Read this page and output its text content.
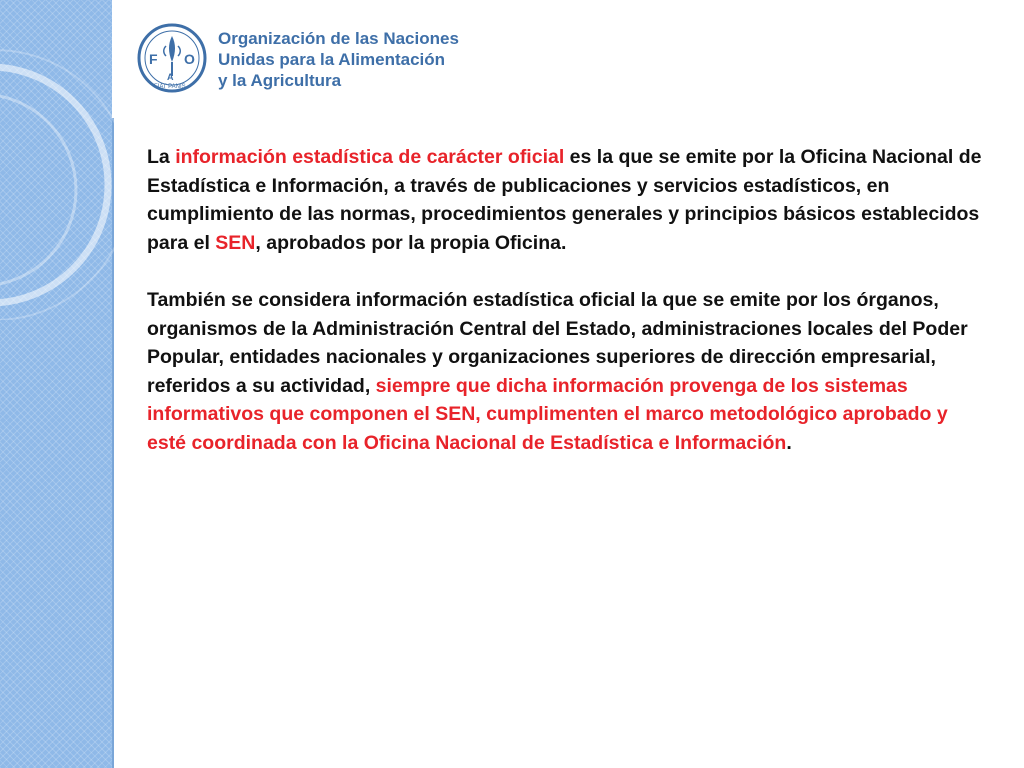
F
A
O
FIAT PANIS
Organización de las Naciones
Unidas para la Alimentación
y la Agricultura

La información estadística de carácter oficial es la que se emite por la Oficina Nacional de Estadística e Información, a través de publicaciones y servicios estadísticos, en cumplimiento de las normas, procedimientos generales y principios básicos establecidos para el SEN, aprobados por la propia Oficina.

También se considera información estadística oficial la que se emite por los órganos, organismos de la Administración Central del Estado, administraciones locales del Poder Popular, entidades nacionales y organizaciones superiores de dirección empresarial, referidos a su actividad, siempre que dicha información provenga de los sistemas informativos que componen el SEN, cumplimenten el marco metodológico aprobado y esté coordinada con la Oficina Nacional de Estadística e Información.
